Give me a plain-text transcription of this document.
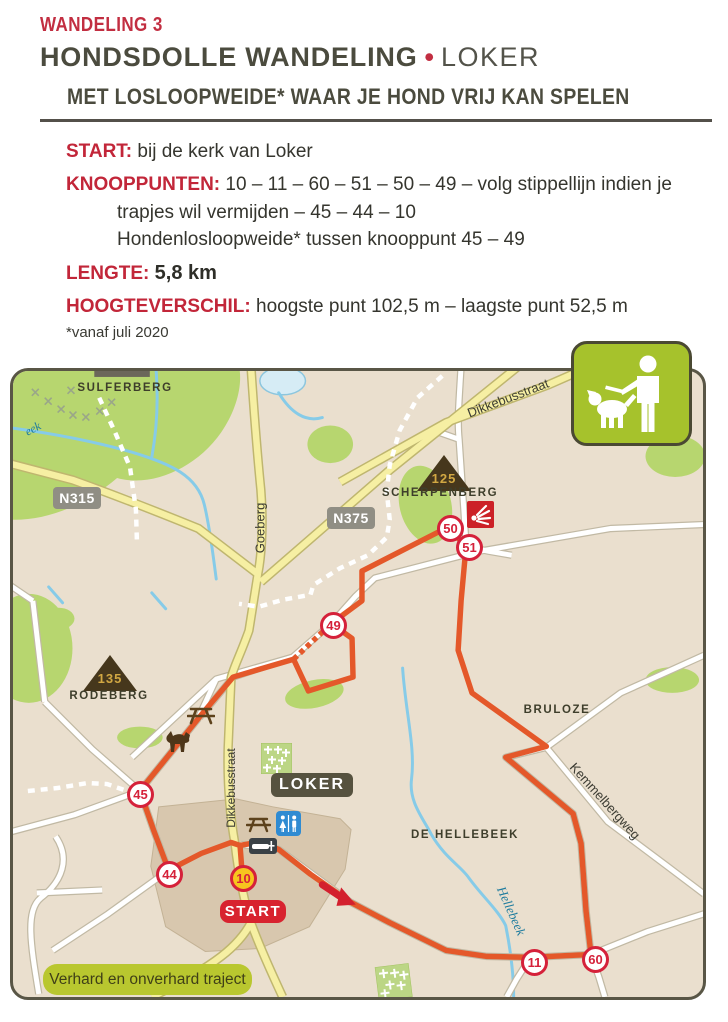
WANDELING 3
HONDSDOLLE WANDELING • LOKER
MET LOSLOOPWEIDE* WAAR JE HOND VRIJ KAN SPELEN
START: bij de kerk van Loker
KNOOPPUNTEN: 10 – 11 – 60 – 51 – 50 – 49 – volg stippellijn indien je
trapjes wil vermijden – 45 – 44 – 10
Hondenlosloopweide* tussen knooppunt 45 – 49
LENGTE: 5,8 km
HOOGTEVERSCHIL: hoogste punt 102,5 m – laagste punt 52,5 m
*vanaf juli 2020
125
135
SULFERBERG
SCHERPENBERG
RODEBERG
BRULOZE
DE HELLEBEEK
Dikkebusstraat
Goeberg
Dikkebusstraat	Kemmelbergweg
Hellebeek
eek
N315
N375
LOKER
START
Verhard en onverhard traject
50
51
49
45
44	10
11	60
